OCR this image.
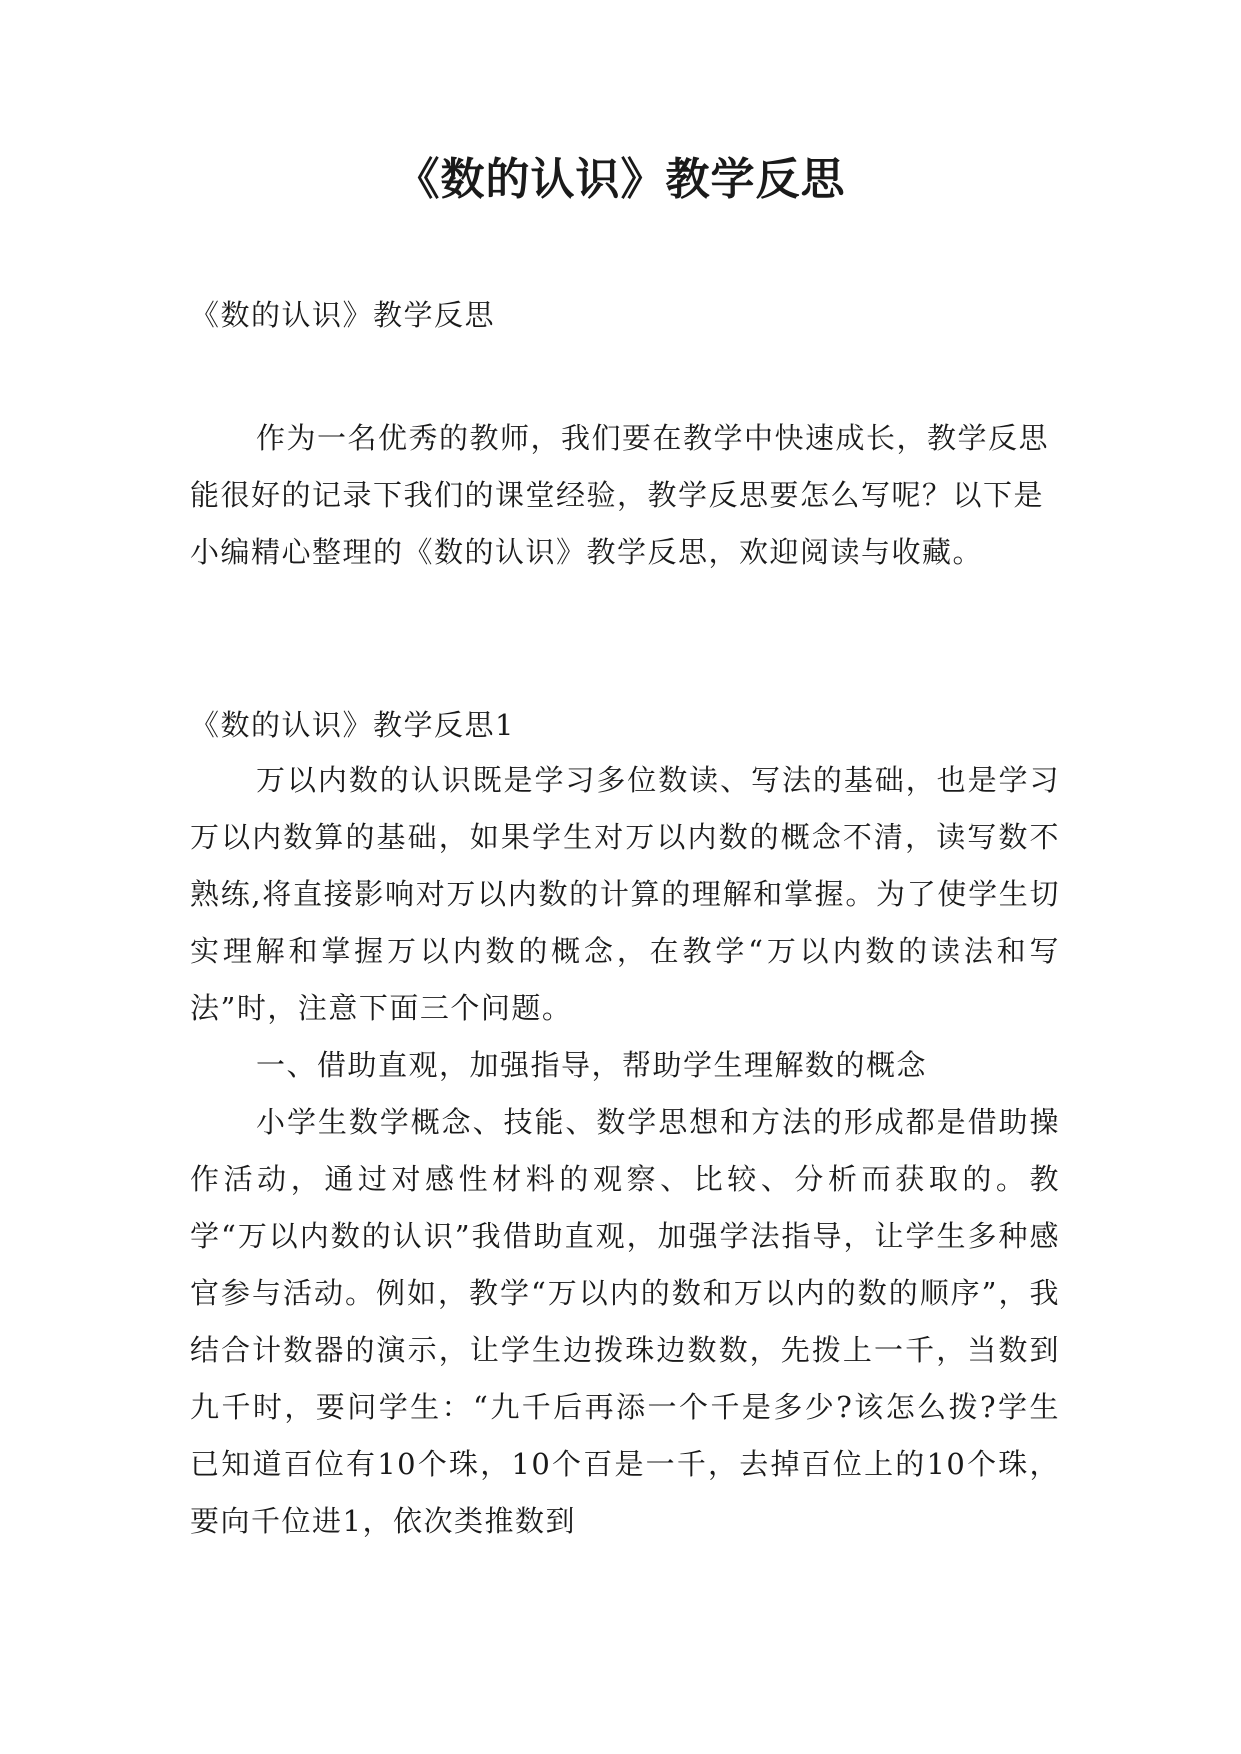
《数的认识》教学反思

《数的认识》教学反思

作为一名优秀的教师，我们要在教学中快速成长，教学反思能很好的记录下我们的课堂经验，教学反思要怎么写呢？以下是小编精心整理的《数的认识》教学反思，欢迎阅读与收藏。

《数的认识》教学反思1

万以内数的认识既是学习多位数读、写法的基础，也是学习万以内数算的基础，如果学生对万以内数的概念不清，读写数不熟练,将直接影响对万以内数的计算的理解和掌握。为了使学生切实理解和掌握万以内数的概念，在教学“万以内数的读法和写法”时，注意下面三个问题。

一、借助直观，加强指导，帮助学生理解数的概念

小学生数学概念、技能、数学思想和方法的形成都是借助操作活动，通过对感性材料的观察、比较、分析而获取的。教学“万以内数的认识”我借助直观，加强学法指导，让学生多种感官参与活动。例如，教学“万以内的数和万以内的数的顺序”，我结合计数器的演示，让学生边拨珠边数数，先拨上一千，当数到九千时，要问学生：“九千后再添一个千是多少?该怎么拨?学生已知道百位有10个珠，10个百是一千，去掉百位上的10个珠，要向千位进1，依次类推数到
